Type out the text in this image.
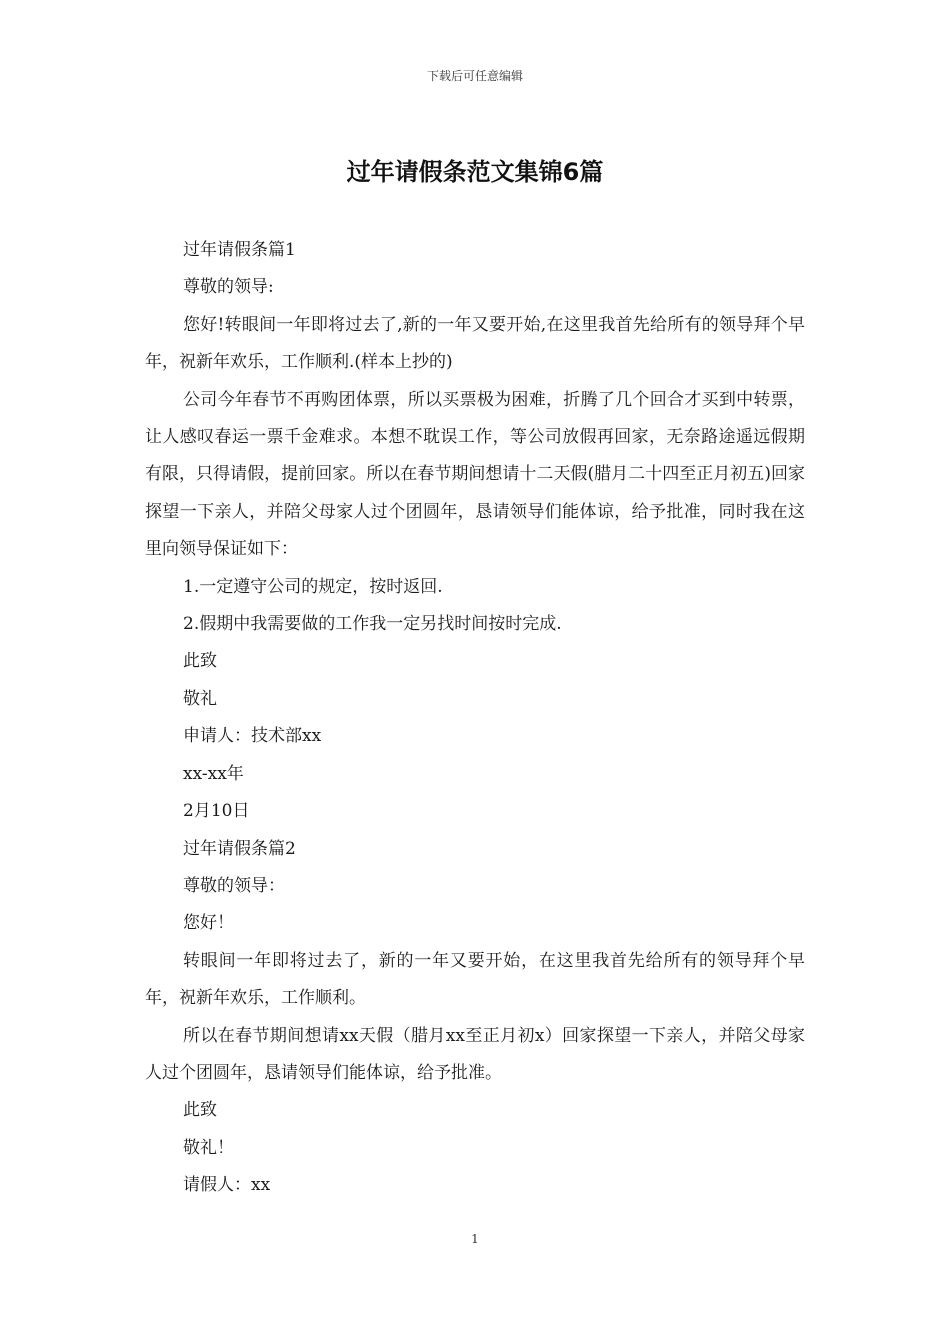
下载后可任意编辑
过年请假条范文集锦6篇

过年请假条篇1

尊敬的领导:

您好!转眼间一年即将过去了,新的一年又要开始,在这里我首先给所有的领导拜个早年，祝新年欢乐，工作顺利.(样本上抄的)

公司今年春节不再购团体票，所以买票极为困难，折腾了几个回合才买到中转票，让人感叹春运一票千金难求。本想不耽误工作，等公司放假再回家，无奈路途遥远假期有限，只得请假，提前回家。所以在春节期间想请十二天假(腊月二十四至正月初五)回家探望一下亲人，并陪父母家人过个团圆年，恳请领导们能体谅，给予批准，同时我在这里向领导保证如下：

1.一定遵守公司的规定，按时返回.

2.假期中我需要做的工作我一定另找时间按时完成.

此致

敬礼

申请人：技术部xx

xx-xx年

2月10日

过年请假条篇2

尊敬的领导：

您好！

转眼间一年即将过去了，新的一年又要开始，在这里我首先给所有的领导拜个早年，祝新年欢乐，工作顺利。

所以在春节期间想请xx天假（腊月xx至正月初x）回家探望一下亲人，并陪父母家人过个团圆年，恳请领导们能体谅，给予批准。

此致

敬礼！

请假人：xx

1
